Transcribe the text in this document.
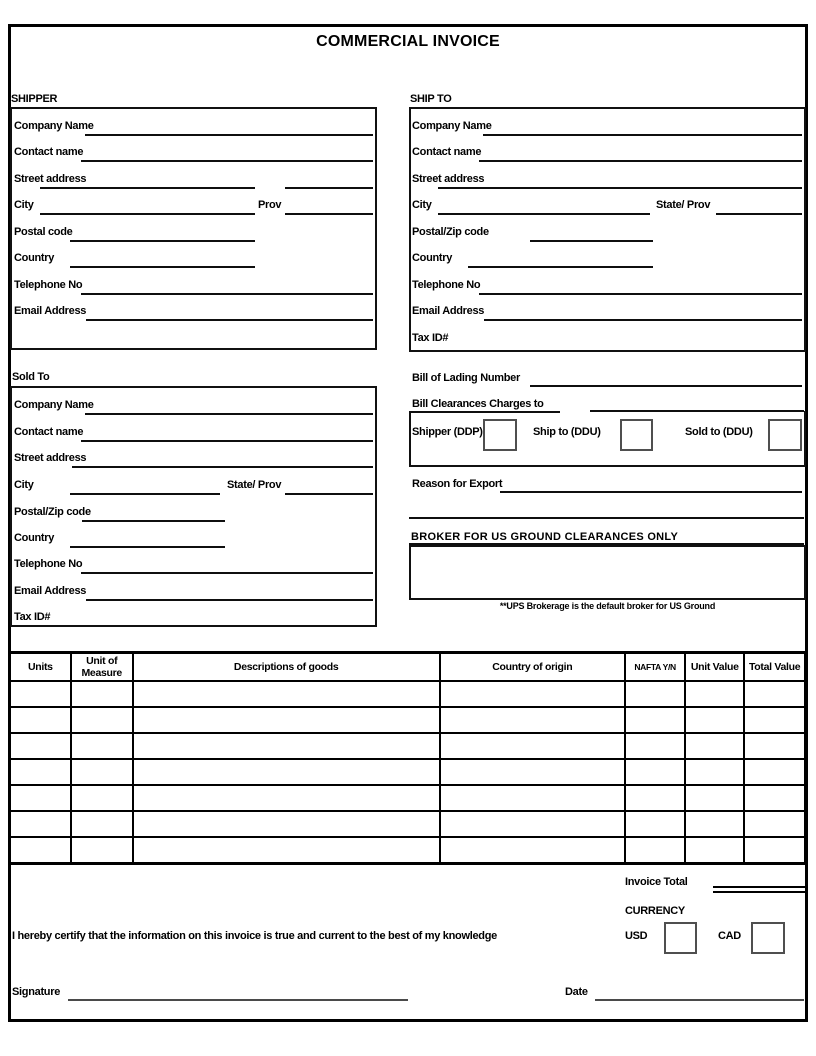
COMMERCIAL INVOICE
SHIPPER
Company Name
Contact name
Street address
City	Prov
Postal code
Country
Telephone No
Email Address
SHIP TO
Company Name
Contact name
Street address
City	State/ Prov
Postal/Zip code
Country
Telephone No
Email Address
Tax ID#
Sold To
Company Name
Contact name
Street address
City	State/ Prov
Postal/Zip code
Country
Telephone No
Email Address
Tax ID#
Bill of Lading Number
Bill Clearances Charges to
Shipper (DDP)	Ship to (DDU)	Sold to (DDU)
Reason for Export
BROKER FOR US GROUND CLEARANCES ONLY
**UPS Brokerage is the default broker for US Ground
Units	Unit of Measure	Descriptions of goods	Country of origin	NAFTA Y/N	Unit Value	Total Value

Invoice Total
CURRENCY
USD	CAD
I hereby certify that the information on this invoice is true and current to the best of my knowledge
Signature	Date
